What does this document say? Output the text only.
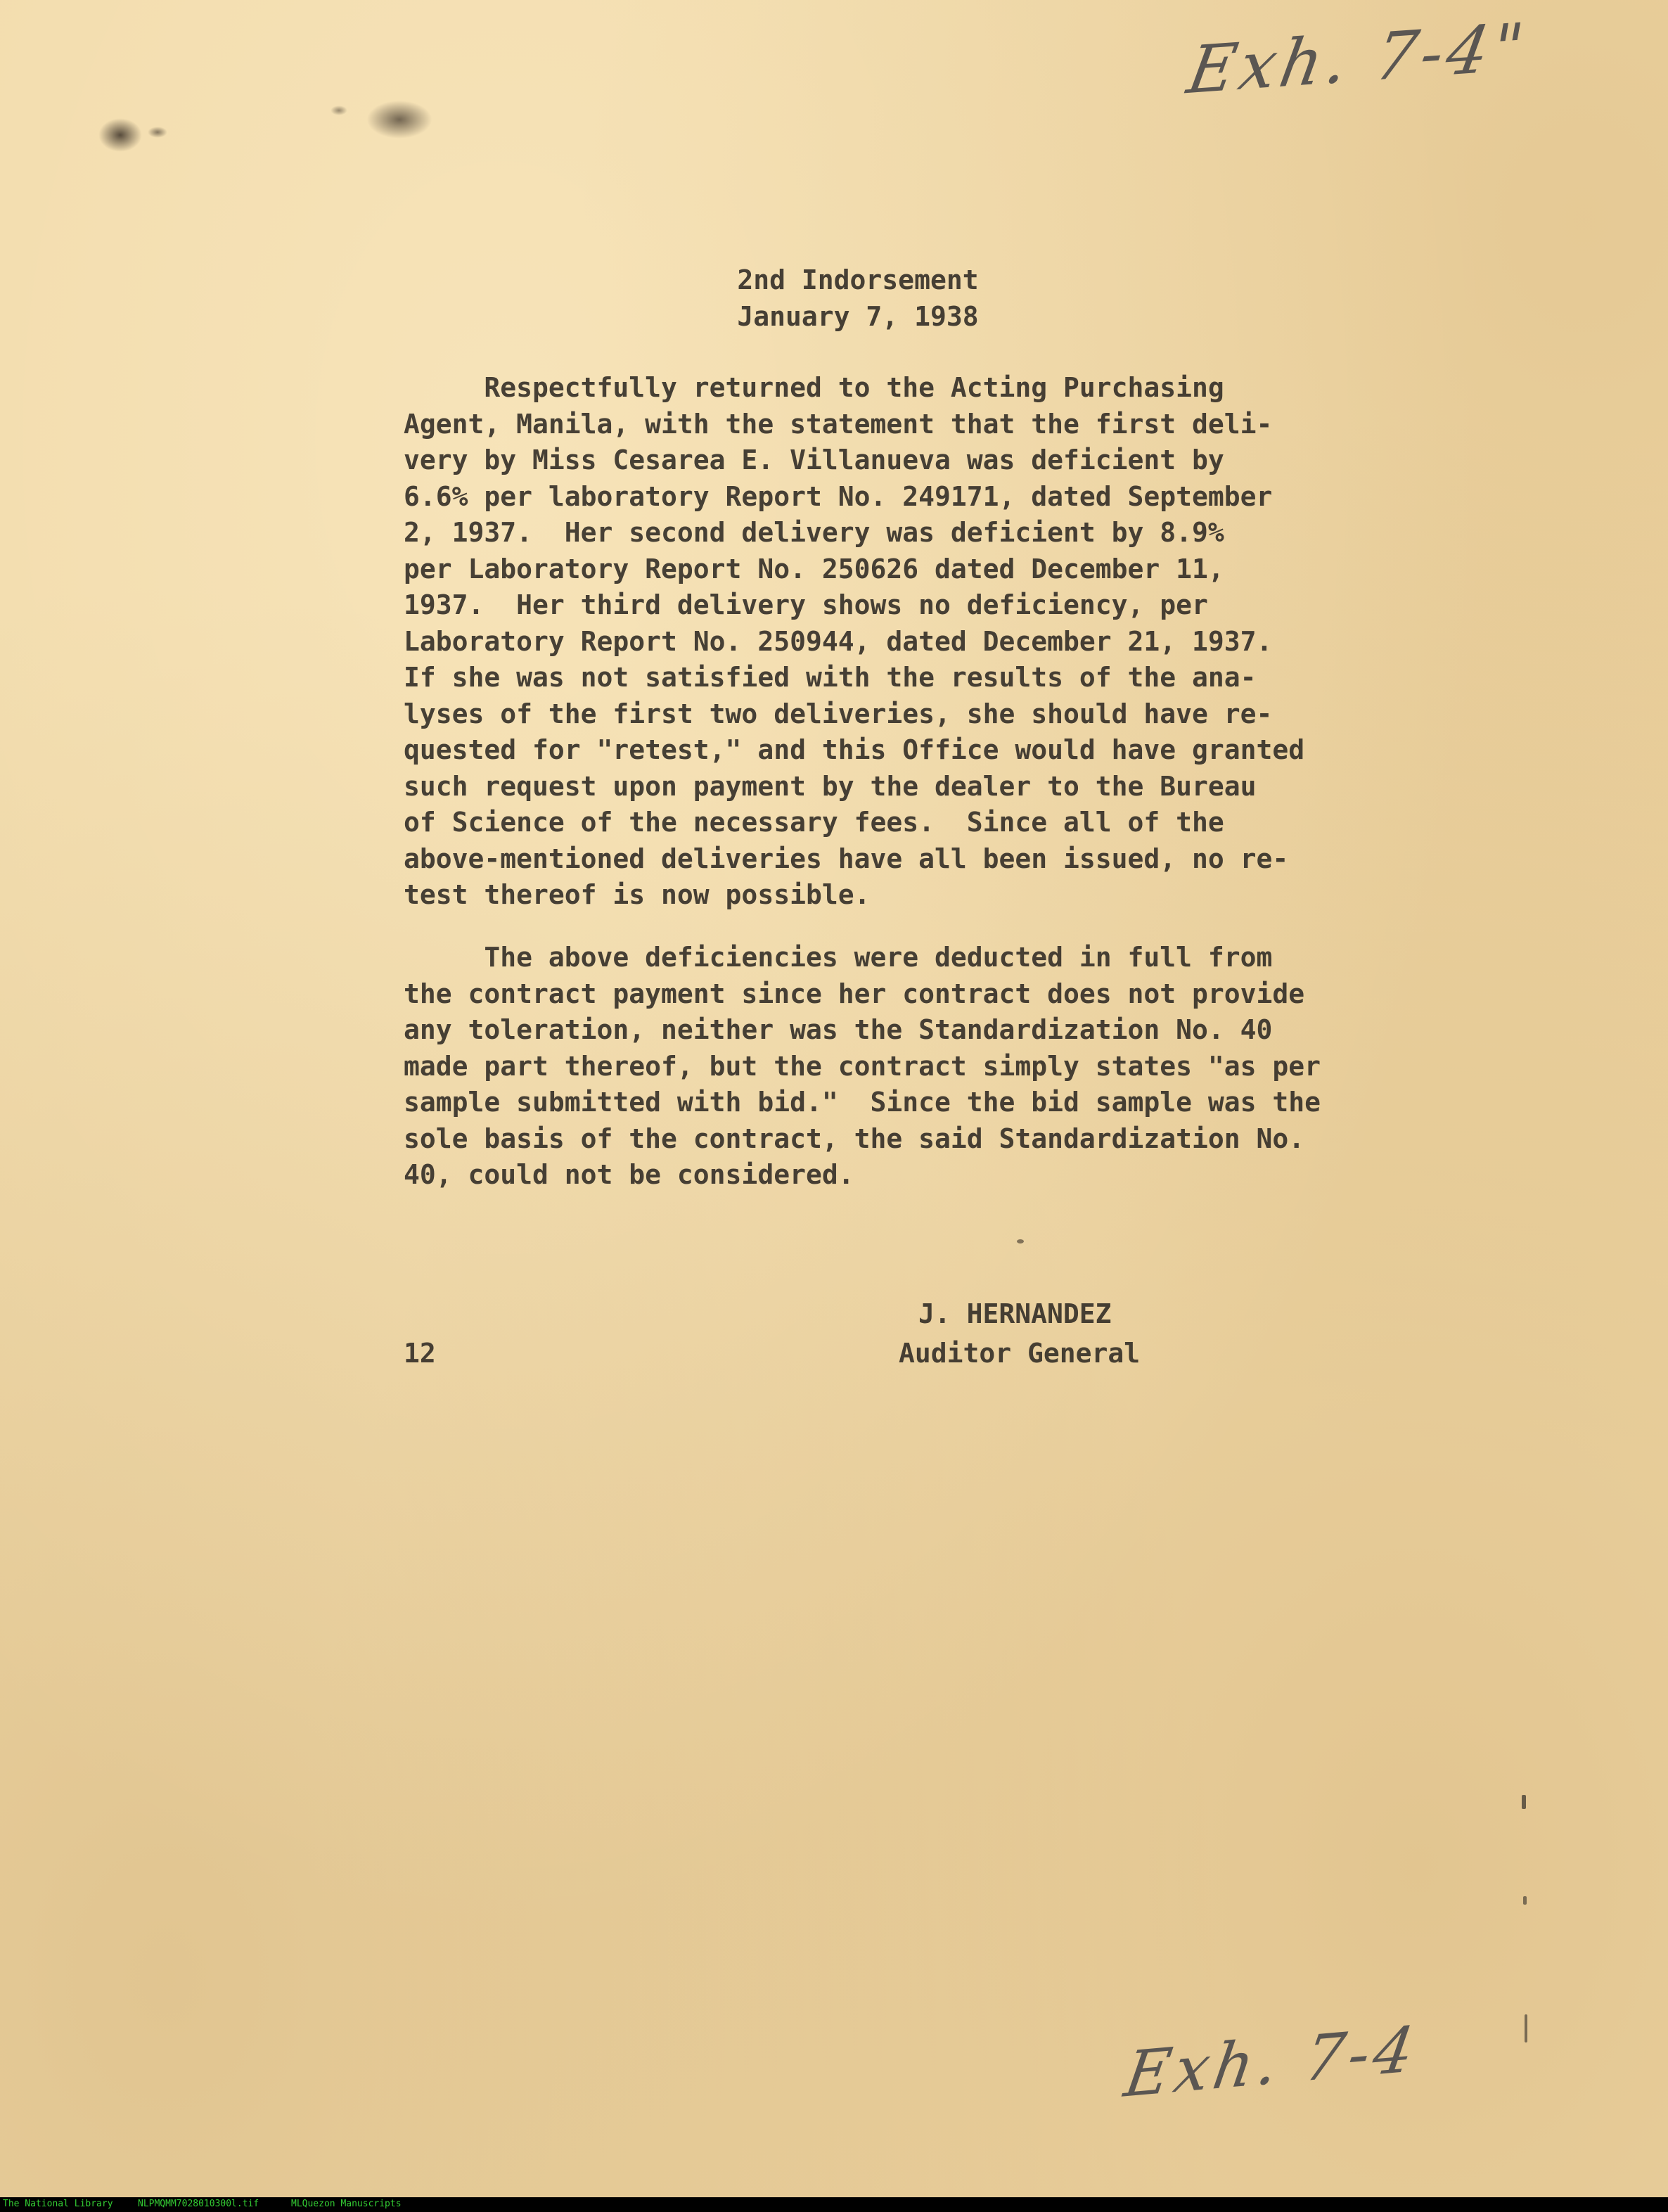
Exh. 7-4"
2nd Indorsement
January 7, 1938
Respectfully returned to the Acting Purchasing
Agent, Manila, with the statement that the first deli-
very by Miss Cesarea E. Villanueva was deficient by
6.6% per laboratory Report No. 249171, dated September
2, 1937.  Her second delivery was deficient by 8.9%
per Laboratory Report No. 250626 dated December 11,
1937.  Her third delivery shows no deficiency, per
Laboratory Report No. 250944, dated December 21, 1937.
If she was not satisfied with the results of the ana-
lyses of the first two deliveries, she should have re-
quested for "retest," and this Office would have granted
such request upon payment by the dealer to the Bureau
of Science of the necessary fees.  Since all of the
above-mentioned deliveries have all been issued, no re-
test thereof is now possible.
The above deficiencies were deducted in full from
the contract payment since her contract does not provide
any toleration, neither was the Standardization No. 40
made part thereof, but the contract simply states "as per
sample submitted with bid."  Since the bid sample was the
sole basis of the contract, the said Standardization No.
40, could not be considered.
J. HERNANDEZ
Auditor General
12
Exh. 7-4
The National Library	NLPMQMM7028010300l.tif	MLQuezon Manuscripts
